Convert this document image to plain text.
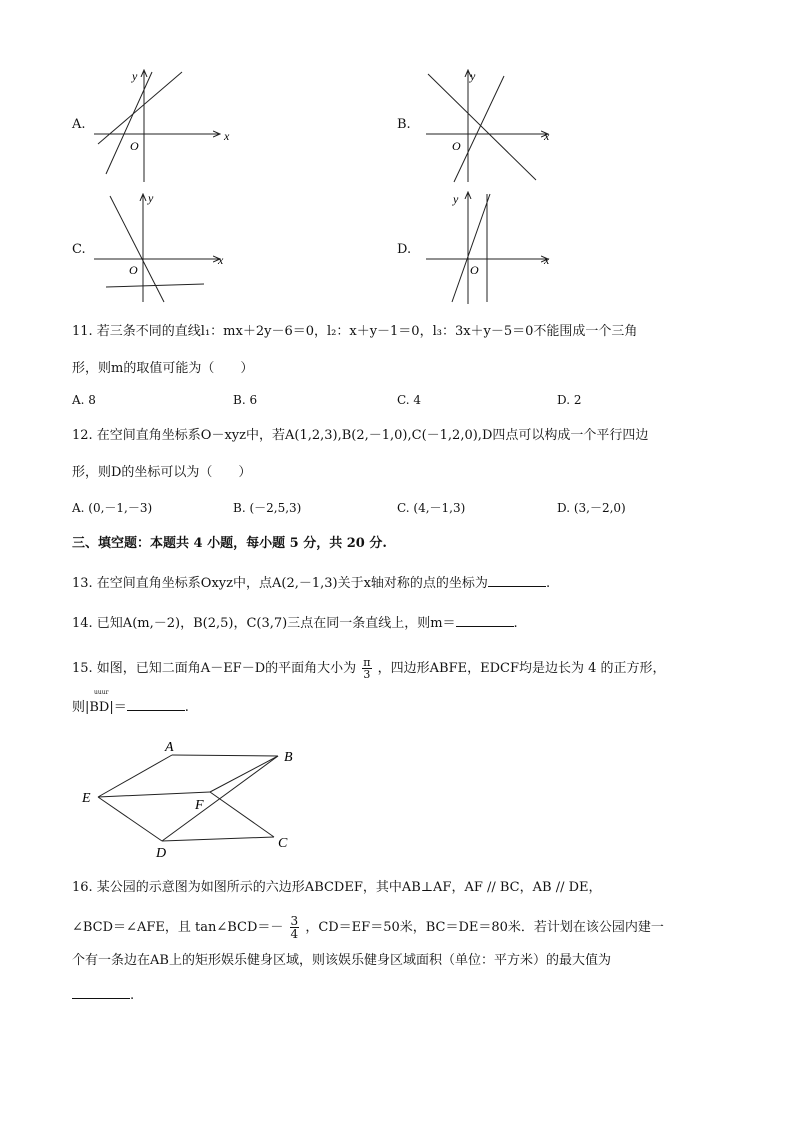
A.
y
x
O
B.
y
x
O
C.
y
x
O
D.
y
x
O
11. 若三条不同的直线l₁：mx＋2y－6＝0，l₂：x＋y－1＝0，l₃：3x＋y－5＝0不能围成一个三角
形，则m的取值可能为（　　）
A. 8	B. 6	C. 4	D. 2
12. 在空间直角坐标系O－xyz中，若A(1,2,3),B(2,－1,0),C(－1,2,0),D四点可以构成一个平行四边
形，则D的坐标可以为（　　）
A. (0,－1,－3)	B. (－2,5,3)	C. (4,－1,3)	D. (3,－2,0)
三、填空题：本题共 4 小题，每小题 5 分，共 20 分.
13. 在空间直角坐标系Oxyz中，点A(2,－1,3)关于x轴对称的点的坐标为	.
14. 已知A(m,－2)，B(2,5)，C(3,7)三点在同一条直线上，则m＝	.
15. 如图，已知二面角A－EF－D的平面角大小为 $\frac{\pi}{3}$ ，四边形ABFE，EDCF均是边长为 4 的正方形，
uuur
则|BD|＝	.
A
B
E	F
D
C
16. 某公园的示意图为如图所示的六边形ABCDEF，其中AB⊥AF，AF // BC，AB // DE，
∠BCD＝∠AFE，且 tan∠BCD＝－ $\frac{3}{4}$ ，CD＝EF＝50米，BC＝DE＝80米．若计划在该公园内建一
个有一条边在AB上的矩形娱乐健身区域，则该娱乐健身区域面积（单位：平方米）的最大值为
.
